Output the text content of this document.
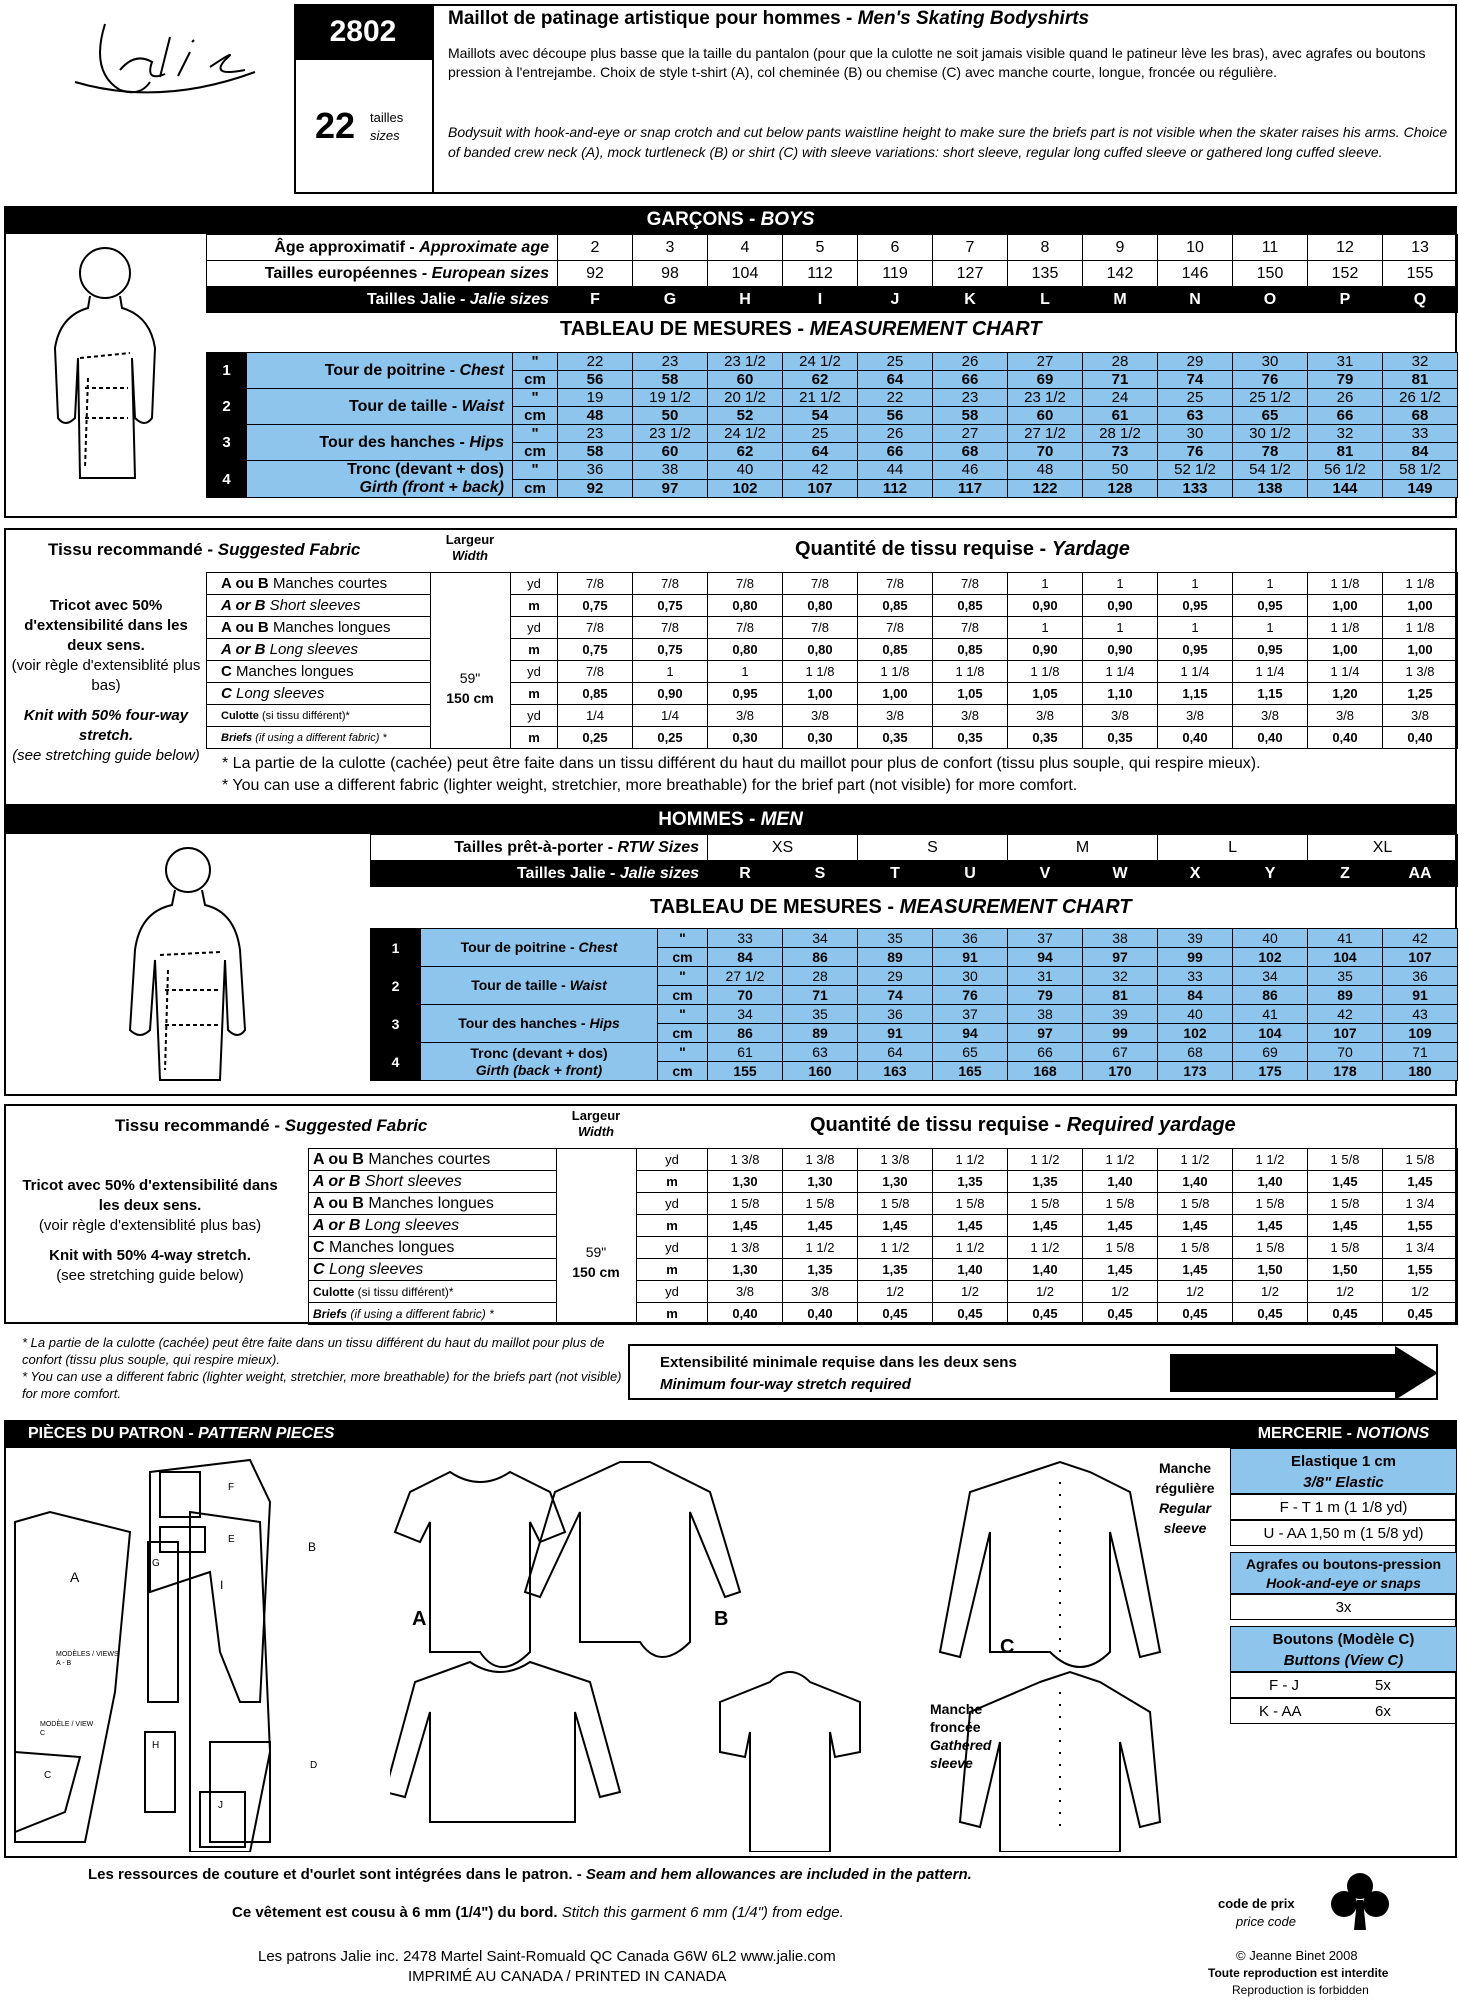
2802
22 tailles
sizes
Maillot de patinage artistique pour hommes - Men's Skating Bodyshirts
Maillots avec découpe plus basse que la taille du pantalon (pour que la culotte ne soit jamais visible quand le patineur lève les bras), avec agrafes ou boutons pression à l'entrejambe. Choix de style t-shirt (A), col cheminée (B) ou chemise (C) avec manche courte, longue, froncée ou régulière.
Bodysuit with hook-and-eye or snap crotch and cut below pants waistline height to make sure the briefs part is not visible when the skater raises his arms. Choice of banded crew neck (A), mock turtleneck (B) or shirt (C) with sleeve variations: short sleeve, regular long cuffed sleeve or gathered long cuffed sleeve.
GARÇONS - BOYS
Âge approximatif - Approximate age	2	3	4	5	6	7	8	9	10	11	12	13
Tailles européennes - European sizes	92	98	104	112	119	127	135	142	146	150	152	155
Tailles Jalie - Jalie sizes	F	G	H	I	J	K	L	M	N	O	P	Q
TABLEAU DE MESURES - MEASUREMENT CHART
1	Tour de poitrine - Chest	"	22	23	23 1/2	24 1/2	25	26	27	28	29	30	31	32
		cm	56	58	60	62	64	66	69	71	74	76	79	81
2	Tour de taille - Waist	"	19	19 1/2	20 1/2	21 1/2	22	23	23 1/2	24	25	25 1/2	26	26 1/2
		cm	48	50	52	54	56	58	60	61	63	65	66	68
3	Tour des hanches - Hips	"	23	23 1/2	24 1/2	25	26	27	27 1/2	28 1/2	30	30 1/2	32	33
		cm	58	60	62	64	66	68	70	73	76	78	81	84
4	Tronc (devant + dos)
Girth (front + back)	"	36	38	40	42	44	46	48	50	52 1/2	54 1/2	56 1/2	58 1/2
		cm	92	97	102	107	112	117	122	128	133	138	144	149
Tissu recommandé - Suggested Fabric
Largeur
Width	Quantité de tissu requise - Yardage
Tricot avec 50% d'extensibilité dans les deux sens.
(voir règle d'extensiblité plus bas)
Knit with 50% four-way stretch.
(see stretching guide below)
59"
150 cm
A ou B Manches courtes		yd	7/8	7/8	7/8	7/8	7/8	7/8	1	1	1	1	1 1/8	1 1/8
A or B Short sleeves		m	0,75	0,75	0,80	0,80	0,85	0,85	0,90	0,90	0,95	0,95	1,00	1,00
A ou B Manches longues		yd	7/8	7/8	7/8	7/8	7/8	7/8	1	1	1	1	1 1/8	1 1/8
A or B Long sleeves		m	0,75	0,75	0,80	0,80	0,85	0,85	0,90	0,90	0,95	0,95	1,00	1,00
C Manches longues		yd	7/8	1	1	1 1/8	1 1/8	1 1/8	1 1/8	1 1/4	1 1/4	1 1/4	1 1/4	1 3/8
C Long sleeves		m	0,85	0,90	0,95	1,00	1,00	1,05	1,05	1,10	1,15	1,15	1,20	1,25
Culotte (si tissu différent)*		yd	1/4	1/4	3/8	3/8	3/8	3/8	3/8	3/8	3/8	3/8	3/8	3/8
Briefs (if using a different fabric) *		m	0,25	0,25	0,30	0,30	0,35	0,35	0,35	0,35	0,40	0,40	0,40	0,40
* La partie de la culotte (cachée) peut être faite dans un tissu différent du haut du maillot pour plus de confort (tissu plus souple, qui respire mieux).
* You can use a different fabric (lighter weight, stretchier, more breathable) for the brief part (not visible) for more comfort.
HOMMES - MEN
Tailles prêt-à-porter - RTW Sizes	XS		S		M		L		XL	
Tailles Jalie - Jalie sizes	R	S	T	U	V	W	X	Y	Z	AA
TABLEAU DE MESURES - MEASUREMENT CHART
1	Tour de poitrine - Chest	"	33	34	35	36	37	38	39	40	41	42
		cm	84	86	89	91	94	97	99	102	104	107
2	Tour de taille - Waist	"	27 1/2	28	29	30	31	32	33	34	35	36
		cm	70	71	74	76	79	81	84	86	89	91
3	Tour des hanches - Hips	"	34	35	36	37	38	39	40	41	42	43
		cm	86	89	91	94	97	99	102	104	107	109
4	Tronc (devant + dos)
Girth (back + front)	"	61	63	64	65	66	67	68	69	70	71
		cm	155	160	163	165	168	170	173	175	178	180
Tissu recommandé - Suggested Fabric
Largeur
Width	Quantité de tissu requise - Required yardage
Tricot avec 50% d'extensibilité dans les deux sens.
(voir règle d'extensiblité plus bas)
Knit with 50% 4-way stretch.
(see stretching guide below)
59"
150 cm
A ou B Manches courtes		yd	1 3/8	1 3/8	1 3/8	1 1/2	1 1/2	1 1/2	1 1/2	1 1/2	1 5/8	1 5/8
A or B Short sleeves		m	1,30	1,30	1,30	1,35	1,35	1,40	1,40	1,40	1,45	1,45
A ou B Manches longues		yd	1 5/8	1 5/8	1 5/8	1 5/8	1 5/8	1 5/8	1 5/8	1 5/8	1 5/8	1 3/4
A or B Long sleeves		m	1,45	1,45	1,45	1,45	1,45	1,45	1,45	1,45	1,45	1,55
C Manches longues		yd	1 3/8	1 1/2	1 1/2	1 1/2	1 1/2	1 5/8	1 5/8	1 5/8	1 5/8	1 3/4
C Long sleeves		m	1,30	1,35	1,35	1,40	1,40	1,45	1,45	1,50	1,50	1,55
Culotte (si tissu différent)*		yd	3/8	3/8	1/2	1/2	1/2	1/2	1/2	1/2	1/2	1/2
Briefs (if using a different fabric) *		m	0,40	0,40	0,45	0,45	0,45	0,45	0,45	0,45	0,45	0,45
* La partie de la culotte (cachée) peut être faite dans un tissu différent du haut du maillot pour plus de confort (tissu plus souple, qui respire mieux).
* You can use a different fabric (lighter weight, stretchier, more breathable) for the briefs part (not visible) for more comfort.
Extensibilité minimale requise dans les deux sens
Minimum four-way stretch required
PIÈCES DU PATRON - PATTERN PIECES
A
F
E
B
G
I
H
D
C
J
MODÈLES / VIEWS
A - B
MODÈLE / VIEW
C
A	B
C
Manche régulière
Regular sleeve
Manche froncée
Gathered sleeve
MERCERIE - NOTIONS
Elastique 1 cm
3/8" Elastic
F - T 1 m (1 1/8 yd)
U - AA 1,50 m (1 5/8 yd)
Agrafes ou boutons-pression
Hook-and-eye or snaps
3x
Boutons (Modèle C)
Buttons (View C)
F - J	5x
K - AA	6x
Les ressources de couture et d'ourlet sont intégrées dans le patron. - Seam and hem allowances are included in the pattern.
Ce vêtement est cousu à 6 mm (1/4") du bord. Stitch this garment 6 mm (1/4") from edge.
Les patrons Jalie inc. 2478 Martel Saint-Romuald QC Canada G6W 6L2 www.jalie.com
IMPRIMÉ AU CANADA / PRINTED IN CANADA
code de prix
price code
© Jeanne Binet 2008
Toute reproduction est interdite
Reproduction is forbidden
